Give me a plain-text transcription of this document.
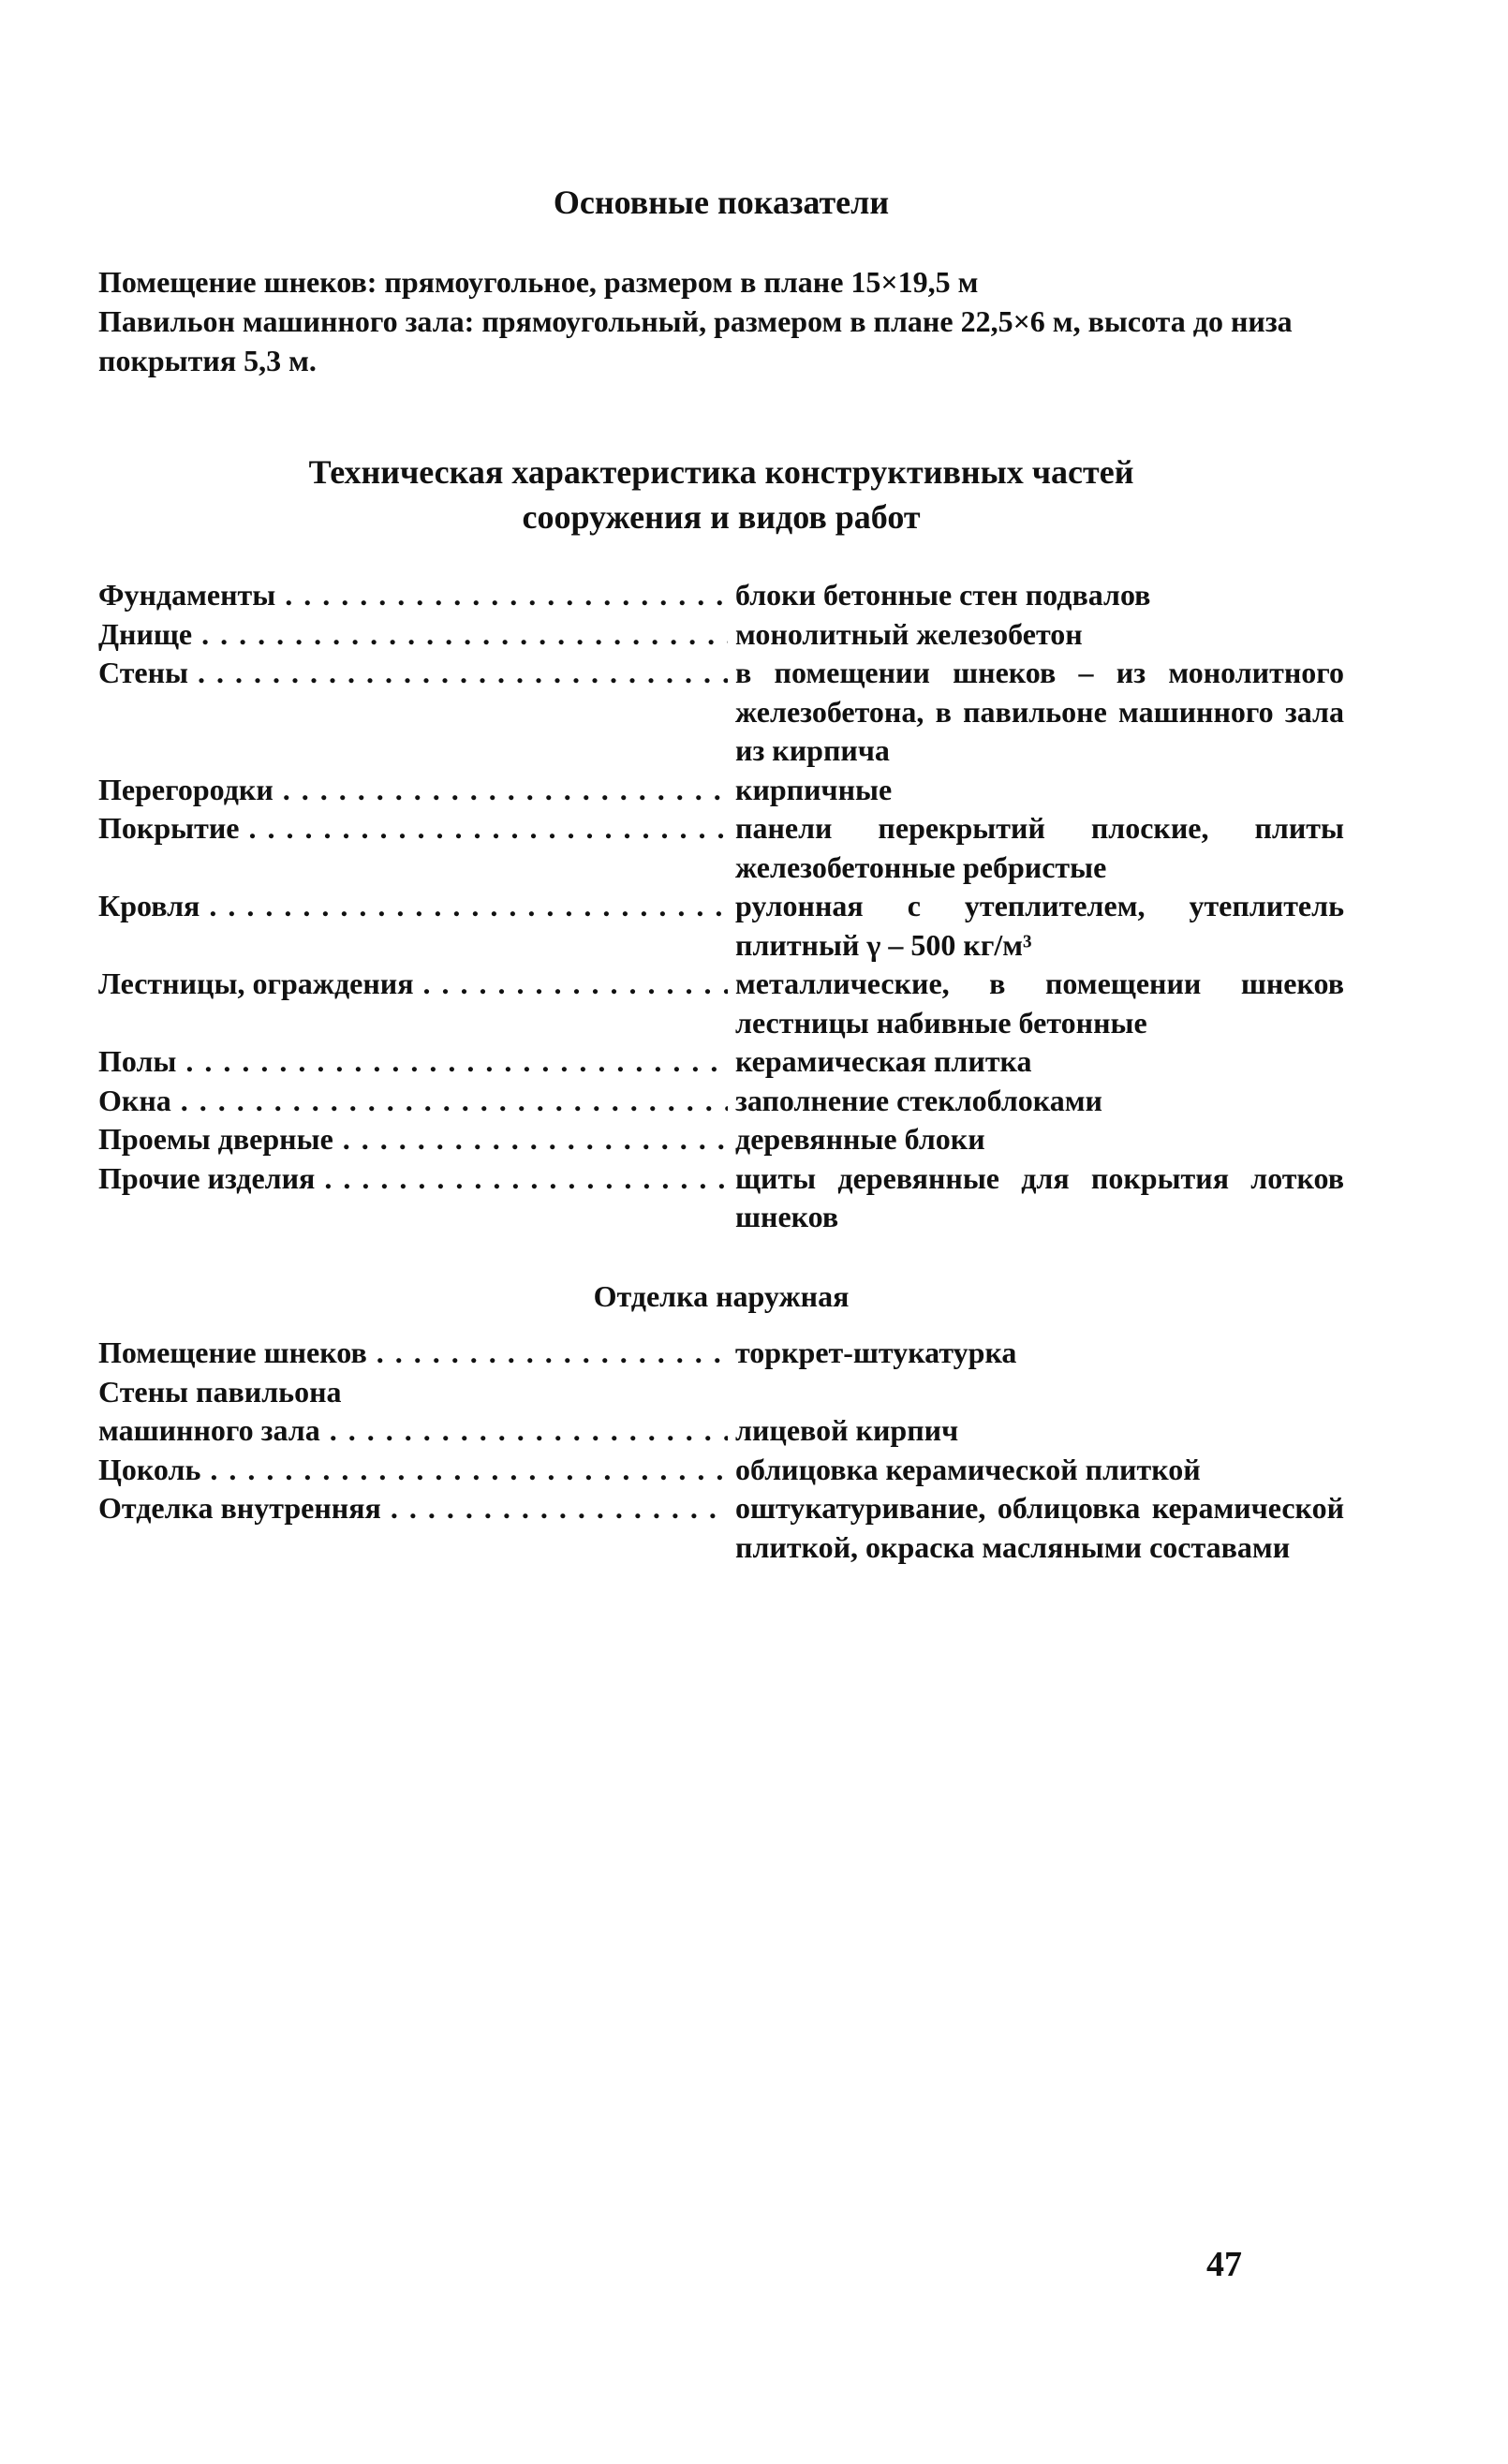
Основные показатели

Помещение шнеков: прямоугольное, размером в плане 15×19,5 м

Павильон машинного зала: прямоугольный, размером в плане 22,5×6 м, высота до низа покрытия 5,3 м.

Техническая характеристика конструктивных частей
сооружения и видов работ
Фундаменты . . .	блоки бетонные стен подвалов
Днище . . .	монолитный железобетон
Стены . . .	в помещении шнеков – из монолитного железобетона, в павильоне машинного зала из кирпича
Перегородки . . .	кирпичные
Покрытие . . .	панели перекрытий плоские, плиты железобетонные ребристые
Кровля . . .	рулонная с утеплителем, утеплитель плитный γ – 500 кг/м³
Лестницы, ограждения . . .	металлические, в помещении шнеков лестницы набивные бетонные
Полы . . .	керамическая плитка
Окна . . .	заполнение стеклоблоками
Проемы дверные . . .	деревянные блоки
Прочие изделия . . .	щиты деревянные для покрытия лотков шнеков
Отделка наружная
Помещение шнеков . . .	торкрет-штукатурка
Стены павильона
машинного зала . . .	лицевой кирпич
Цоколь . . .	облицовка керамической плиткой
Отделка внутренняя . . .	оштукатуривание, облицовка керамической плиткой, окраска масляными составами
47
